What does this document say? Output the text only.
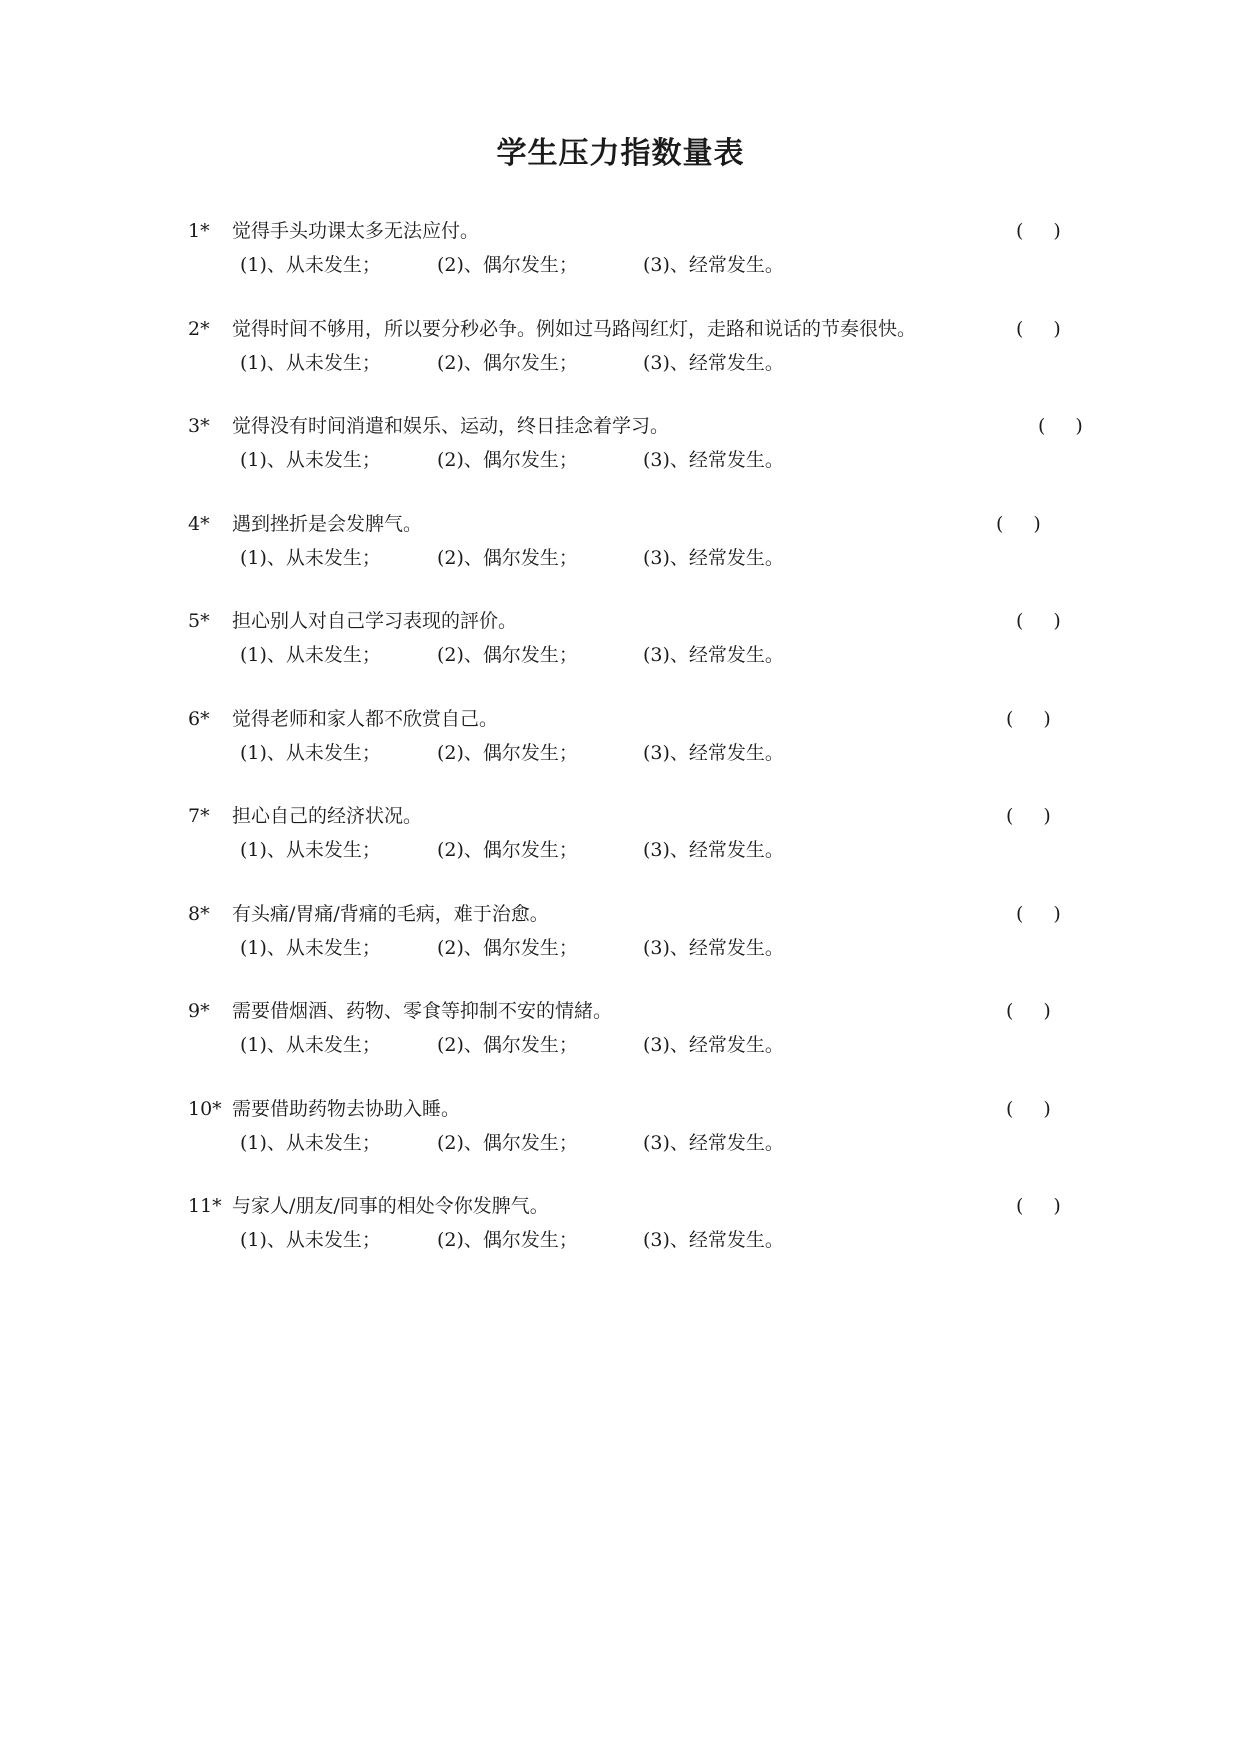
学生压力指数量表
1*	觉得手头功课太多无法应付。	( )
(1)、从未发生；	(2)、偶尔发生；	(3)、经常发生。
2*	觉得时间不够用，所以要分秒必争。例如过马路闯红灯，走路和说话的节奏很快。	( )
(1)、从未发生；	(2)、偶尔发生；	(3)、经常发生。
3*	觉得没有时间消遣和娱乐、运动，终日挂念着学习。	( )
(1)、从未发生；	(2)、偶尔发生；	(3)、经常发生。
4*	遇到挫折是会发脾气。	( )
(1)、从未发生；	(2)、偶尔发生；	(3)、经常发生。
5*	担心别人对自己学习表现的評价。	( )
(1)、从未发生；	(2)、偶尔发生；	(3)、经常发生。
6*	觉得老师和家人都不欣赏自己。	( )
(1)、从未发生；	(2)、偶尔发生；	(3)、经常发生。
7*	担心自己的经济状况。	( )
(1)、从未发生；	(2)、偶尔发生；	(3)、经常发生。
8*	有头痛/胃痛/背痛的毛病，难于治愈。	( )
(1)、从未发生；	(2)、偶尔发生；	(3)、经常发生。
9*	需要借烟酒、药物、零食等抑制不安的情緒。	( )
(1)、从未发生；	(2)、偶尔发生；	(3)、经常发生。
10* 需要借助药物去协助入睡。	( )
(1)、从未发生；	(2)、偶尔发生；	(3)、经常发生。
11* 与家人/朋友/同事的相处令你发脾气。	( )
(1)、从未发生；	(2)、偶尔发生；	(3)、经常发生。
